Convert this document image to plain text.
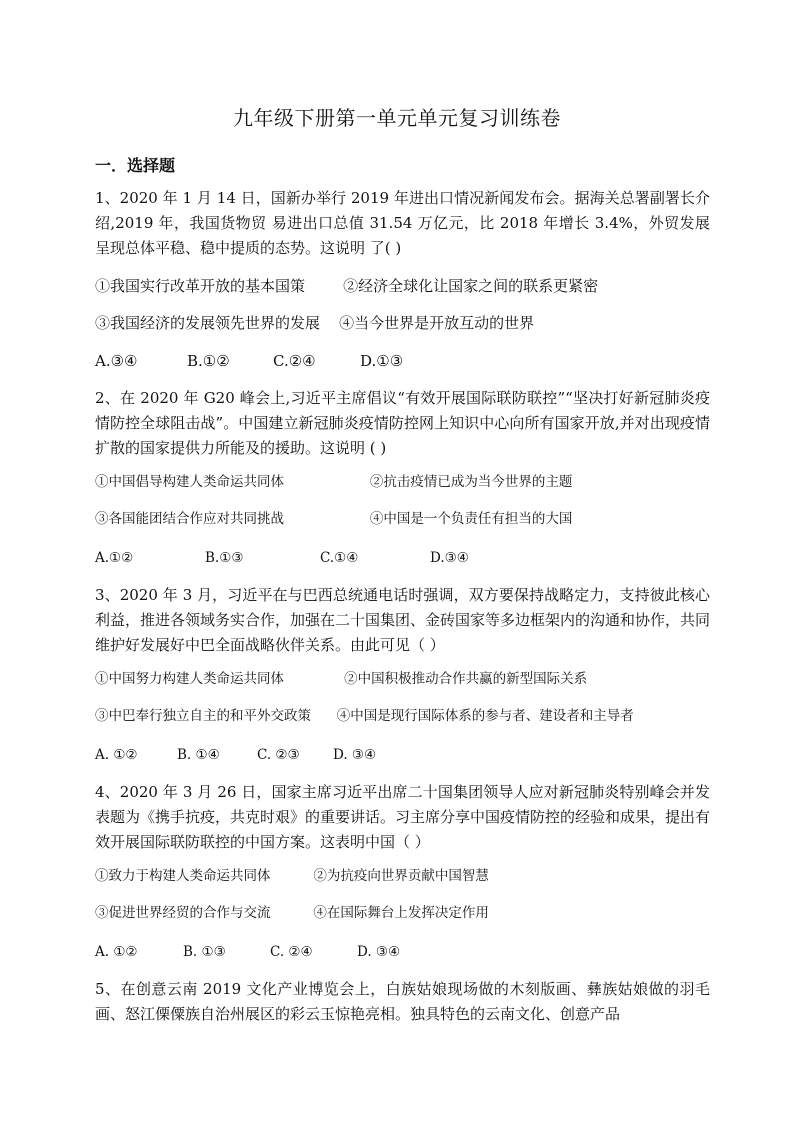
九年级下册第一单元单元复习训练卷
一．选择题
1、2020 年 1 月 14 日，国新办举行 2019 年进出口情况新闻发布会。据海关总署副署长介绍,2019 年，我国货物贸 易进出口总值 31.54 万亿元，比 2018 年增长 3.4%，外贸发展呈现总体平稳、稳中提质的态势。这说明 了( )
①我国实行改革开放的基本国策        ②经济全球化让国家之间的联系更紧密
③我国经济的发展领先世界的发展    ④当今世界是开放互动的世界
A.③④	B.①②	C.②④	D.①③
2、在 2020 年 G20 峰会上,习近平主席倡议“有效开展国际联防联控”“坚决打好新冠肺炎疫情防控全球阻击战”。中国建立新冠肺炎疫情防控网上知识中心向所有国家开放,并对出现疫情扩散的国家提供力所能及的援助。这说明 ( )
①中国倡导构建人类命运共同体                    ②抗击疫情已成为当今世界的主题
③各国能团结合作应对共同挑战                    ④中国是一个负责任有担当的大国
A.①②	B.①③	C.①④	D.③④
3、2020 年 3 月，习近平在与巴西总统通电话时强调，双方要保持战略定力，支持彼此核心利益，推进各领域务实合作，加强在二十国集团、金砖国家等多边框架内的沟通和协作，共同维护好发展好中巴全面战略伙伴关系。由此可见（ ）
①中国努力构建人类命运共同体              ②中国积极推动合作共赢的新型国际关系
③中巴奉行独立自主的和平外交政策      ④中国是现行国际体系的参与者、建设者和主导者
A. ①②	B. ①④	C. ②③ D. ③④
4、2020 年 3 月 26 日，国家主席习近平出席二十国集团领导人应对新冠肺炎特别峰会并发表题为《携手抗疫，共克时艰》的重要讲话。习主席分享中国疫情防控的经验和成果，提出有效开展国际联防联控的中国方案。这表明中国（ ）
①致力于构建人类命运共同体          ②为抗疫向世界贡献中国智慧
③促进世界经贸的合作与交流          ④在国际舞台上发挥决定作用
A. ①②	B. ①③	C. ②④	D. ③④
5、在创意云南 2019 文化产业博览会上，白族姑娘现场做的木刻版画、彝族姑娘做的羽毛画、怒江傈僳族自治州展区的彩云玉惊艳亮相。独具特色的云南文化、创意产品
